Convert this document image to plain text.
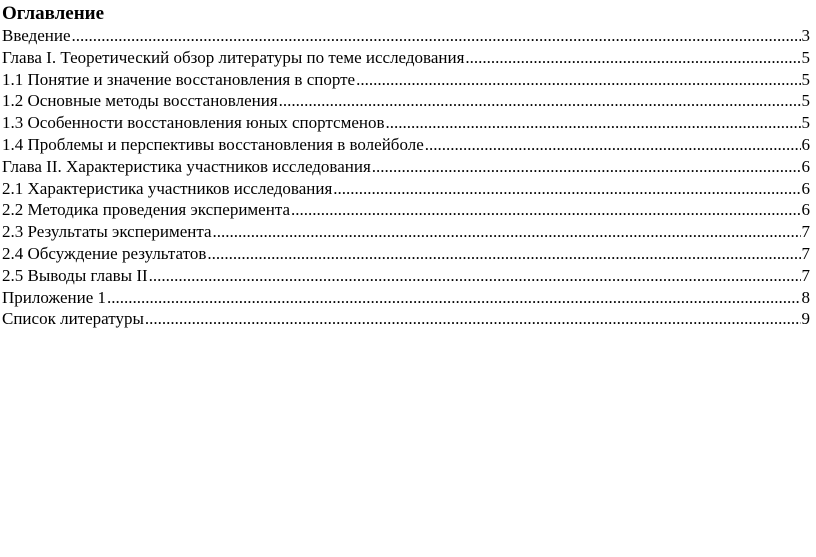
Оглавление
Введение .....	3
Глава I. Теоретический обзор литературы по теме исследования .....	5
1.1 Понятие и значение восстановления в спорте .....	5
1.2 Основные методы восстановления .....	5
1.3 Особенности восстановления юных спортсменов .....	5
1.4 Проблемы и перспективы восстановления в волейболе .....	6
Глава II. Характеристика участников исследования .....	6
2.1 Характеристика участников исследования .....	6
2.2 Методика проведения эксперимента .....	6
2.3 Результаты эксперимента .....	7
2.4 Обсуждение результатов .....	7
2.5 Выводы главы II .....	7
Приложение 1 .....	8
Список литературы .....	9
